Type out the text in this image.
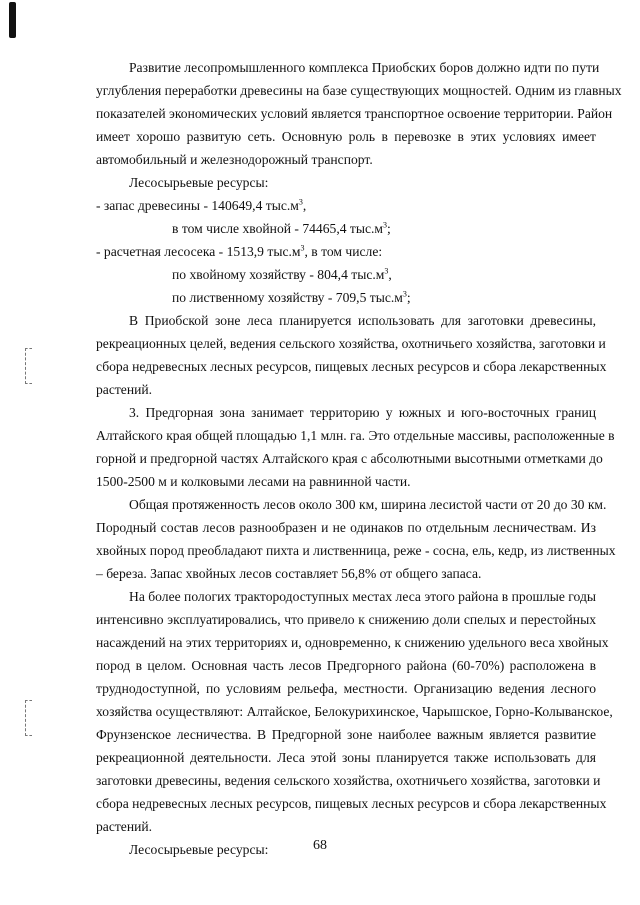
Развитие лесопромышленного комплекса Приобских боров должно идти по пути
углубления переработки древесины на базе существующих мощностей. Одним из главных
показателей экономических условий является транспортное освоение территории. Район
имеет хорошо развитую сеть. Основную роль в перевозке в этих условиях имеет
автомобильный и железнодорожный транспорт.
Лесосырьевые ресурсы:
- запас древесины - 140649,4 $тыс.м^3$,
в том числе хвойной - 74465,4 $тыс.м^3$;
- расчетная лесосека - 1513,9 $тыс.м^3$, в том числе:
по хвойному хозяйству - 804,4 $тыс.м^3$,
по лиственному хозяйству - 709,5 $тыс.м^3$;
В Приобской зоне леса планируется использовать для заготовки древесины,
рекреационных целей, ведения сельского хозяйства, охотничьего хозяйства, заготовки и
сбора недревесных лесных ресурсов, пищевых лесных ресурсов и сбора лекарственных
растений.
3. Предгорная зона занимает территорию у южных и юго-восточных границ
Алтайского края общей площадью 1,1 млн. га. Это отдельные массивы, расположенные в
горной и предгорной частях Алтайского края с абсолютными высотными отметками до
1500-2500 м и колковыми лесами на равнинной части.
Общая протяженность лесов около 300 км, ширина лесистой части от 20 до 30 км.
Породный состав лесов разнообразен и не одинаков по отдельным лесничествам. Из
хвойных пород преобладают пихта и лиственница, реже - сосна, ель, кедр, из лиственных
– береза. Запас хвойных лесов составляет 56,8% от общего запаса.
На более пологих трактородоступных местах леса этого района в прошлые годы
интенсивно эксплуатировались, что привело к снижению доли спелых и перестойных
насаждений на этих территориях и, одновременно, к снижению удельного веса хвойных
пород в целом. Основная часть лесов Предгорного района (60-70%) расположена в
труднодоступной, по условиям рельефа, местности. Организацию ведения лесного
хозяйства осуществляют: Алтайское, Белокурихинское, Чарышское, Горно-Колыванское,
Фрунзенское лесничества. В Предгорной зоне наиболее важным является развитие
рекреационной деятельности. Леса этой зоны планируется также использовать для
заготовки древесины, ведения сельского хозяйства, охотничьего хозяйства, заготовки и
сбора недревесных лесных ресурсов, пищевых лесных ресурсов и сбора лекарственных
растений.
Лесосырьевые ресурсы:	68
